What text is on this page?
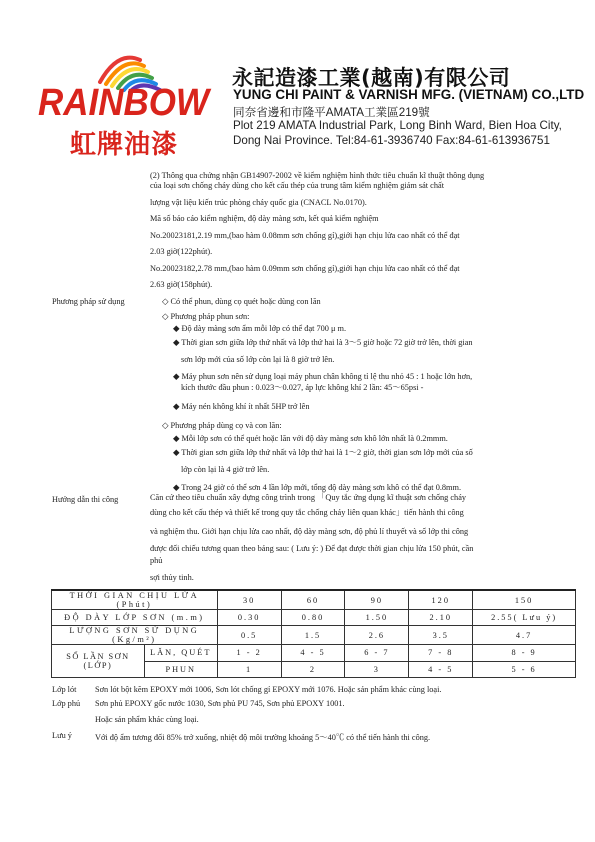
RAINBOW
虹牌油漆
永記造漆工業(越南)有限公司
YUNG CHI PAINT & VARNISH MFG. (VIETNAM) CO.,LTD
同奈省邊和市隆平AMATA工業區219號
Plot 219 AMATA Industrial Park, Long Binh Ward, Bien Hoa City,
Dong Nai Province. Tel:84-61-3936740 Fax:84-61-613936751
(2) Thông qua chứng nhận GB14907-2002 về kiểm nghiệm hình thức tiêu chuẩn kĩ thuật thông dụng
của loại sơn chống cháy dùng cho kết cấu thép của trung tâm kiểm nghiệm giám sát chất
lượng vật liệu kiến trúc phòng cháy quốc gia (CNACL No.0170).
Mã số báo cáo kiểm nghiệm, độ dày màng sơn, kết quả kiểm nghiệm
No.20023181,2.19 mm,(bao hàm 0.08mm sơn chống gỉ),giới hạn chịu lửa cao nhất có thể đạt
2.03 giờ(122phút).
No.20023182,2.78 mm,(bao hàm 0.09mm sơn chống gỉ),giới hạn chịu lửa cao nhất có thể đạt
2.63 giờ(158phút).
Phương pháp sử dụng	◇ Có thể phun, dùng cọ quét hoặc dùng con lăn
◇ Phương pháp phun sơn:
◆ Độ dày màng sơn ẩm mỗi lớp có thể đạt 700 μ m.
◆ Thời gian sơn giữa lớp thứ nhất và lớp thứ hai là 3～5 giờ hoặc 72 giờ trở lên, thời gian
sơn lớp mới của số lớp còn lại là 8 giờ trở lên.
◆ Máy phun sơn nên sử dụng loại máy phun chân không tỉ lệ thu nhỏ 45 : 1 hoặc lớn hơn,
kích thước đầu phun : 0.023～0.027, áp lực không khí 2 lần: 45～65psi -
◆ Máy nén không khí ít nhất 5HP trở lên
◇ Phương pháp dùng cọ và con lăn:
◆ Mỗi lớp sơn có thể quét hoặc lăn với độ dày màng sơn khô lớn nhất là 0.2mmm.
◆ Thời gian sơn giữa lớp thứ nhất và lớp thứ hai là 1～2 giờ, thời gian sơn lớp mới của số
lớp còn lại là 4 giờ trở lên.
◆ Trong 24 giờ có thể sơn 4 lần lớp mới, tổng độ dày màng sơn khô có thể đạt 0.8mm.
Hướng dẫn thi công	Căn cứ theo tiêu chuẩn xây dựng công trình trong 「Quy tắc ứng dụng kĩ thuật sơn chống cháy
dùng cho kết cấu thép và thiết kế trong quy tắc chống cháy liên quan khác」tiến hành thi công
và nghiệm thu. Giới hạn chịu lửa cao nhất, độ dày màng sơn, độ phủ lí thuyết và số lớp thi công
được đối chiếu tương quan theo bảng sau: ( Lưu ý: ) Để đạt được thời gian chịu lửa 150 phút, cần
phủ
sợi thủy tinh.
THỜI GIAN CHỊU LỬA (Phút)		30	60	90	120	150
ĐỘ DÀY LỚP SƠN (m.m)		0.30	0.80	1.50	2.10	2.55( Lưu ý)
LƯỢNG SƠN SỬ DỤNG (Kg/m²)		0.5	1.5	2.6	3.5	4.7
SỐ LẦN SƠN (LỚP)	LĂN, QUÉT	1 - 2	4 - 5	6 - 7	7 - 8	8 - 9
	PHUN	1	2	3	4 - 5	5 - 6
Lớp lót Sơn lót bột kẽm EPOXY mới 1006, Sơn lót chống gỉ EPOXY mới 1076. Hoặc sản phẩm khác cùng loại.
Lớp phủ Sơn phủ EPOXY gốc nước 1030, Sơn phủ PU 745, Sơn phủ EPOXY 1001.
Hoặc sản phẩm khác cùng loại.
Lưu ý	Với độ ẩm tương đối 85% trở xuống, nhiệt độ môi trường khoảng 5～40℃ có thể tiến hành thi công.
